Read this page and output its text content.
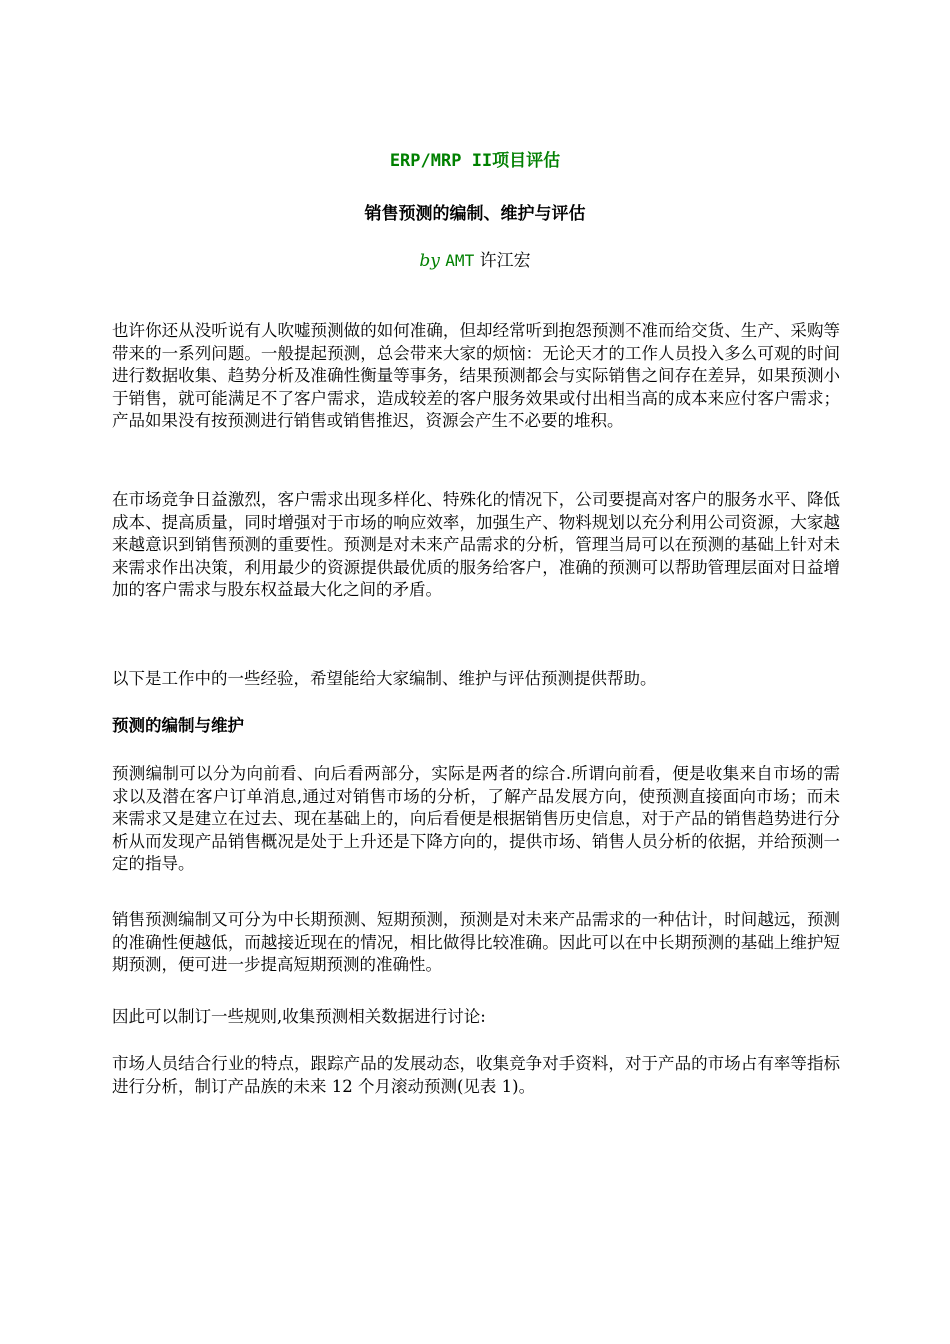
ERP/MRP II项目评估
销售预测的编制、维护与评估
by AMT 许江宏

也许你还从没听说有人吹嘘预测做的如何准确，但却经常听到抱怨预测不准而给交货、生产、采购等带来的一系列问题。一般提起预测，总会带来大家的烦恼：无论天才的工作人员投入多么可观的时间进行数据收集、趋势分析及准确性衡量等事务，结果预测都会与实际销售之间存在差异，如果预测小于销售，就可能满足不了客户需求，造成较差的客户服务效果或付出相当高的成本来应付客户需求；产品如果没有按预测进行销售或销售推迟，资源会产生不必要的堆积。

在市场竞争日益激烈，客户需求出现多样化、特殊化的情况下，公司要提高对客户的服务水平、降低成本、提高质量，同时增强对于市场的响应效率，加强生产、物料规划以充分利用公司资源，大家越来越意识到销售预测的重要性。预测是对未来产品需求的分析，管理当局可以在预测的基础上针对未来需求作出决策，利用最少的资源提供最优质的服务给客户，准确的预测可以帮助管理层面对日益增加的客户需求与股东权益最大化之间的矛盾。

以下是工作中的一些经验，希望能给大家编制、维护与评估预测提供帮助。

预测的编制与维护

预测编制可以分为向前看、向后看两部分，实际是两者的综合.所谓向前看，便是收集来自市场的需求以及潜在客户订单消息,通过对销售市场的分析，了解产品发展方向，使预测直接面向市场；而未来需求又是建立在过去、现在基础上的，向后看便是根据销售历史信息，对于产品的销售趋势进行分析从而发现产品销售概况是处于上升还是下降方向的，提供市场、销售人员分析的依据，并给预测一定的指导。

销售预测编制又可分为中长期预测、短期预测，预测是对未来产品需求的一种估计，时间越远，预测的准确性便越低，而越接近现在的情况，相比做得比较准确。因此可以在中长期预测的基础上维护短期预测，便可进一步提高短期预测的准确性。

因此可以制订一些规则,收集预测相关数据进行讨论:

市场人员结合行业的特点，跟踪产品的发展动态，收集竞争对手资料，对于产品的市场占有率等指标进行分析，制订产品族的未来 12 个月滚动预测(见表 1)。
